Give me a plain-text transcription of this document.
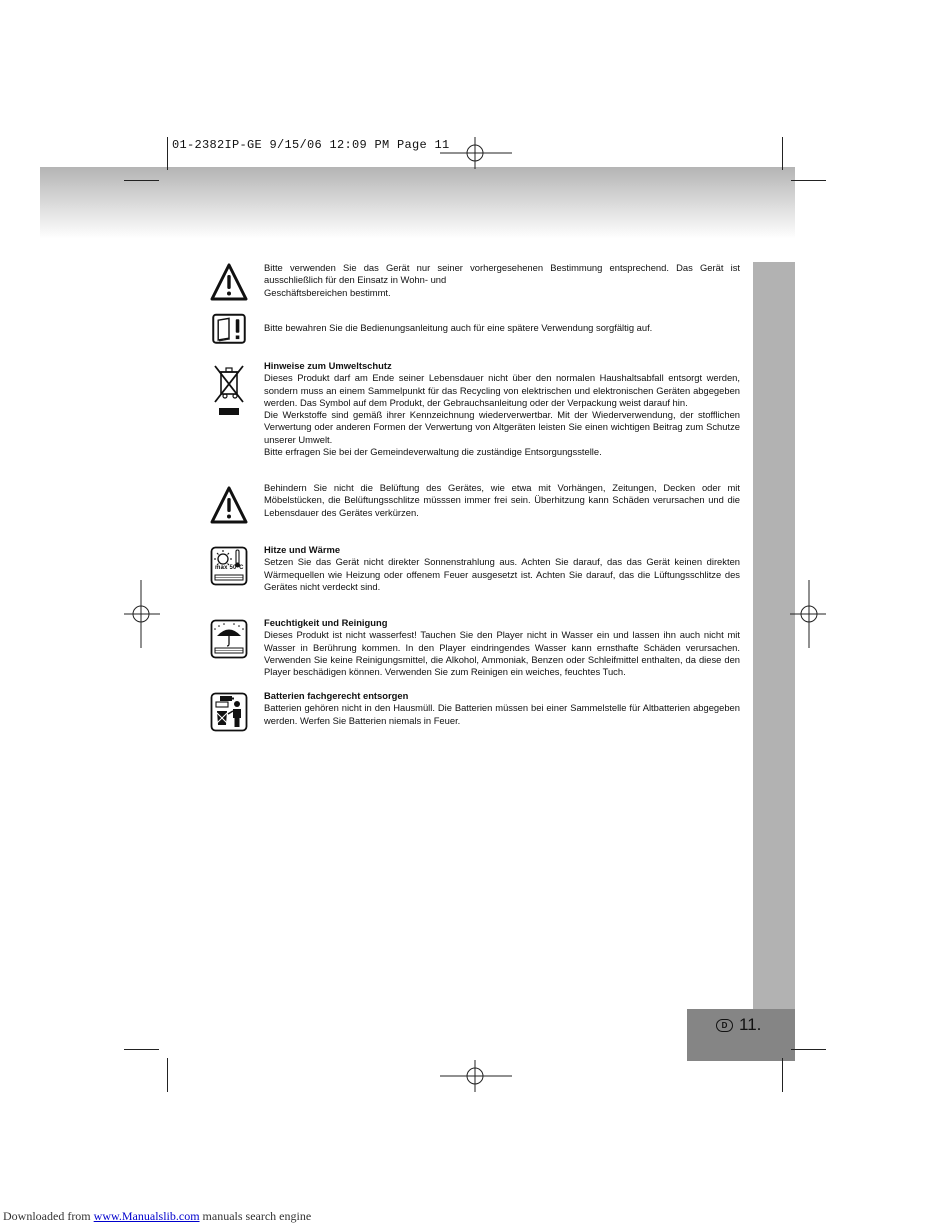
01-2382IP-GE 9/15/06 12:09 PM Page 11
D 11.

Bitte verwenden Sie das Gerät nur seiner vorhergesehenen Bestimmung entsprechend. Das Gerät ist ausschließlich für den Einsatz in Wohn- und

Geschäftsbereichen bestimmt.

Bitte bewahren Sie die Bedienungsanleitung auch für eine spätere Verwendung sorgfältig auf.

Hinweise zum Umweltschutz

Dieses Produkt darf am Ende seiner Lebensdauer nicht über den normalen Haushaltsabfall entsorgt werden, sondern muss an einem Sammelpunkt für das Recycling von elektrischen und elektronischen Geräten abgegeben werden. Das Symbol auf dem Produkt, der Gebrauchsanleitung oder der Verpackung weist darauf hin.

Die Werkstoffe sind gemäß ihrer Kennzeichnung wiederverwertbar. Mit der Wiederverwendung, der stofflichen Verwertung oder anderen Formen der Verwertung von Altgeräten leisten Sie einen wichtigen Beitrag zum Schutze unserer Umwelt.

Bitte erfragen Sie bei der Gemeindeverwaltung die zuständige Entsorgungsstelle.

Behindern Sie nicht die Belüftung des Gerätes, wie etwa mit Vorhängen, Zeitungen, Decken oder mit Möbelstücken, die Belüftungsschlitze müsssen immer frei sein. Überhitzung kann Schäden verursachen und die Lebensdauer des Gerätes verkürzen.

max 50°C

Hitze und Wärme

Setzen Sie das Gerät nicht direkter Sonnenstrahlung aus. Achten Sie darauf, das das Gerät keinen direkten Wärmequellen wie Heizung oder offenem Feuer ausgesetzt ist. Achten Sie darauf, das die Lüftungsschlitze des Gerätes nicht verdeckt sind.

Feuchtigkeit und Reinigung

Dieses Produkt ist nicht wasserfest! Tauchen Sie den Player nicht in Wasser ein und lassen ihn auch nicht mit Wasser in Berührung kommen. In den Player eindringendes Wasser kann ernsthafte Schäden verursachen. Verwenden Sie keine Reinigungsmittel, die Alkohol, Ammoniak, Benzen oder Schleifmittel enthalten, da diese den Player beschädigen können. Verwenden Sie zum Reinigen ein weiches, feuchtes Tuch.

Batterien fachgerecht entsorgen

Batterien gehören nicht in den Hausmüll. Die Batterien müssen bei einer Sammelstelle für Altbatterien abgegeben werden. Werfen Sie Batterien niemals in Feuer.

Downloaded from www.Manualslib.com manuals search engine
